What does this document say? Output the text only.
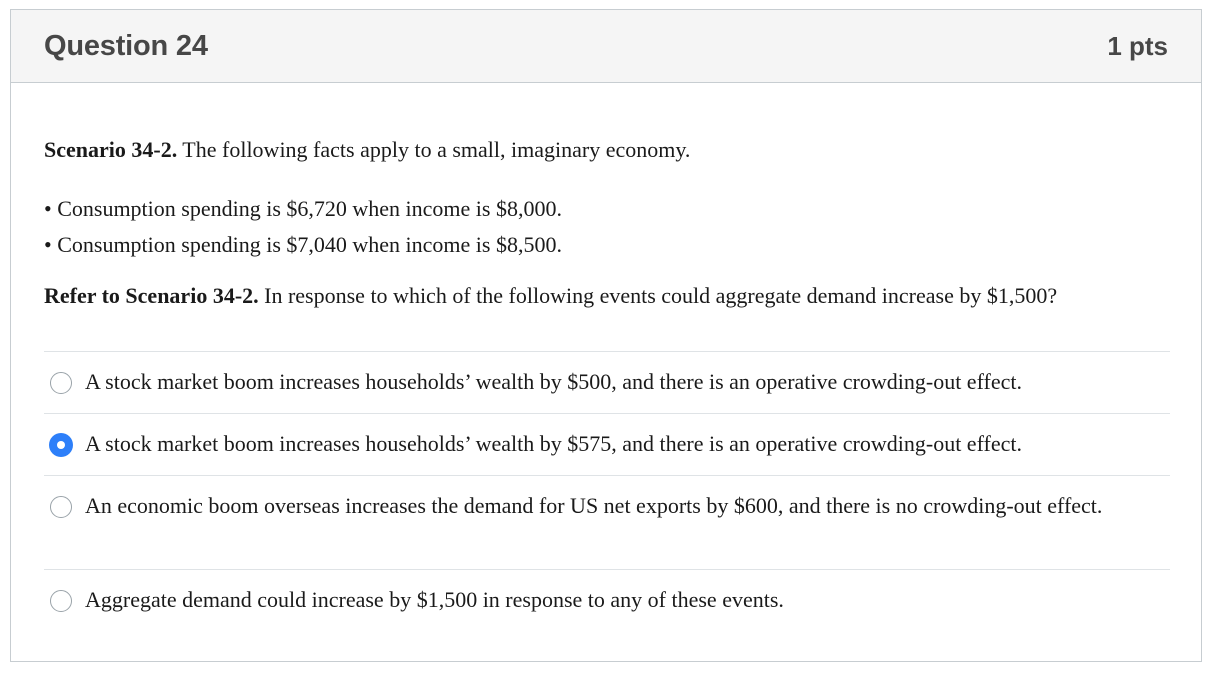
Question 24	1 pts

Scenario 34-2. The following facts apply to a small, imaginary economy.

• Consumption spending is $6,720 when income is $8,000.
• Consumption spending is $7,040 when income is $8,500.

Refer to Scenario 34-2. In response to which of the following events could aggregate demand increase by $1,500?

A stock market boom increases households’ wealth by $500, and there is an operative crowding-out effect.
A stock market boom increases households’ wealth by $575, and there is an operative crowding-out effect.
An economic boom overseas increases the demand for US net exports by $600, and there is no crowding-out effect.
Aggregate demand could increase by $1,500 in response to any of these events.
